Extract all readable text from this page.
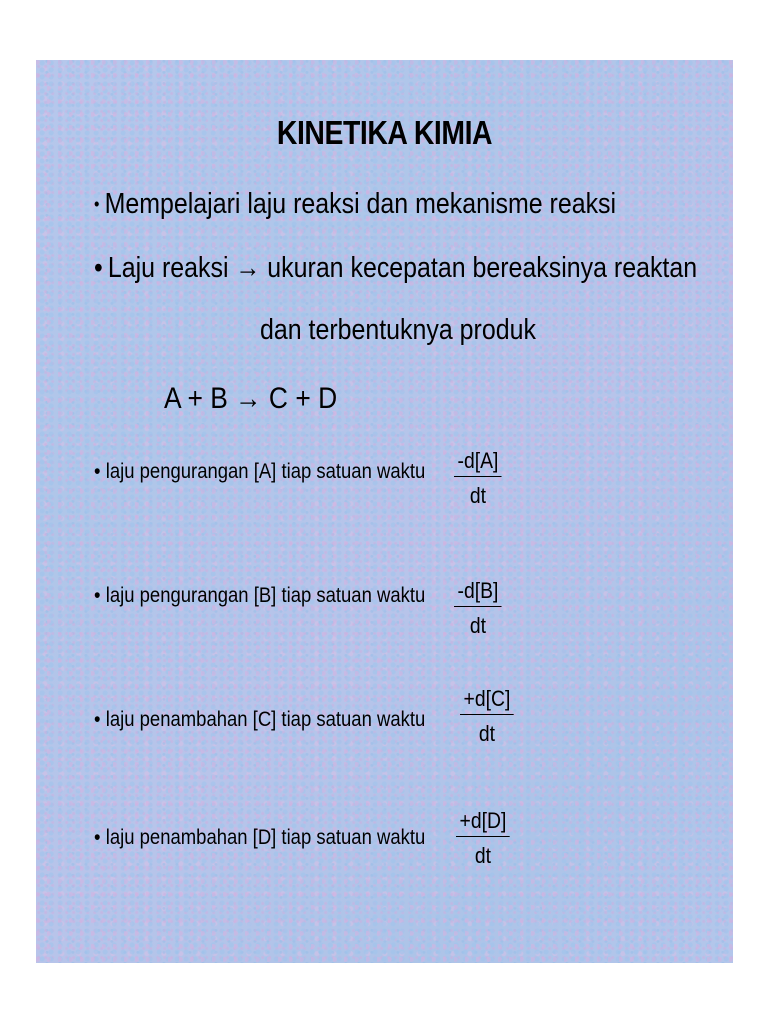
KINETIKA KIMIA
• Mempelajari laju reaksi dan mekanisme reaksi
• Laju reaksi → ukuran kecepatan bereaksinya reaktan
dan terbentuknya produk
A + B → C + D
• laju pengurangan [A] tiap satuan waktu $\frac{-d[A]}{dt}$
• laju pengurangan [B] tiap satuan waktu $\frac{-d[B]}{dt}$
• laju penambahan [C] tiap satuan waktu $\frac{+d[C]}{dt}$
• laju penambahan [D] tiap satuan waktu $\frac{+d[D]}{dt}$
